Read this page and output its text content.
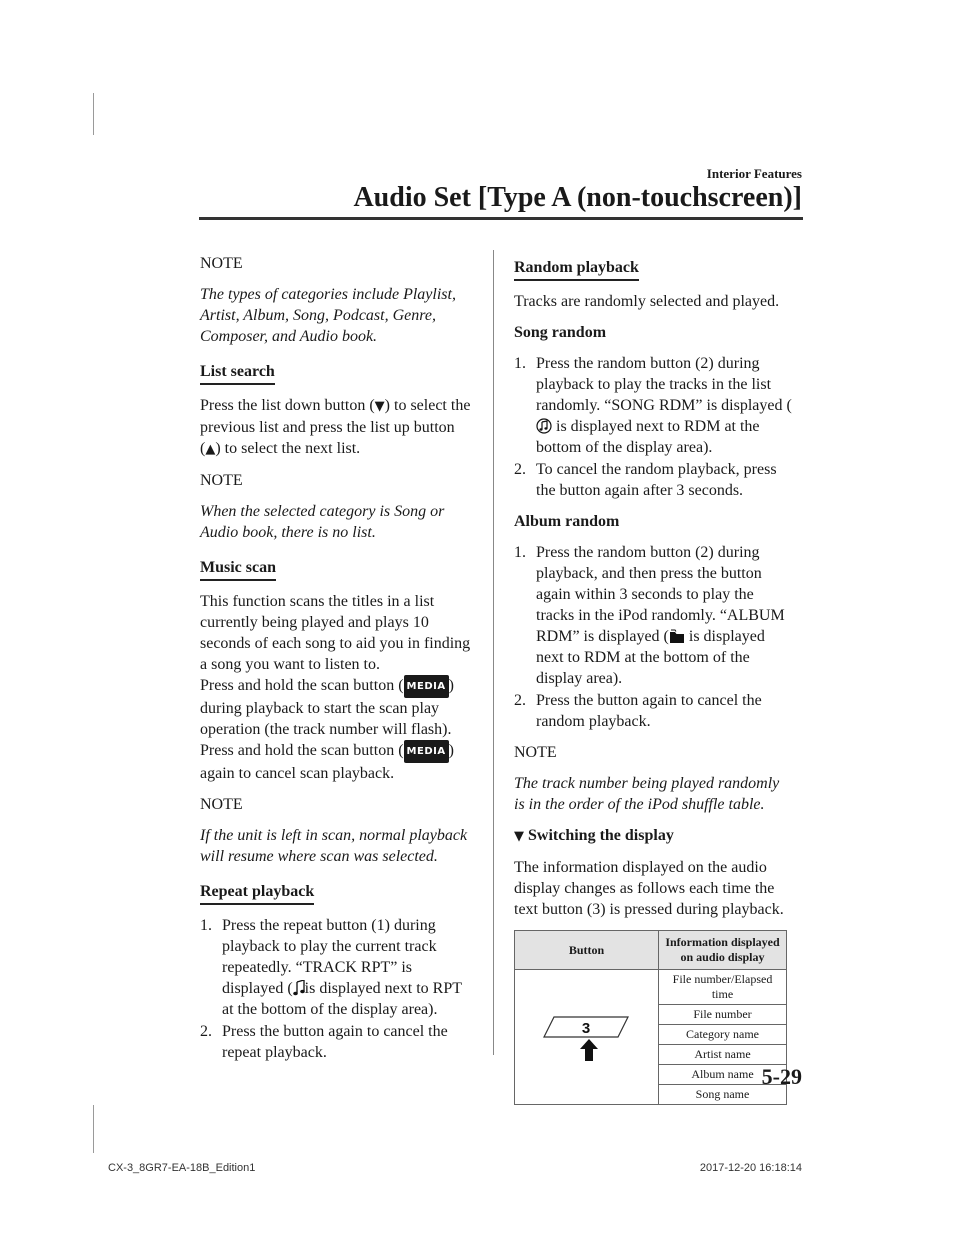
Interior Features
Audio Set [Type A (non-touchscreen)]

NOTE

The types of categories include Playlist, Artist, Album, Song, Podcast, Genre, Composer, and Audio book.

List search

Press the list down button (▼) to select the previous list and press the list up button (▲) to select the next list.

NOTE

When the selected category is Song or Audio book, there is no list.

Music scan

This function scans the titles in a list currently being played and plays 10 seconds of each song to aid you in finding a song you want to listen to.

Press and hold the scan button ( MEDIA ) during playback to start the scan play operation (the track number will flash).

Press and hold the scan button ( MEDIA ) again to cancel scan playback.

NOTE

If the unit is left in scan, normal playback will resume where scan was selected.

Repeat playback
1. Press the repeat button (1) during playback to play the current track repeatedly. “TRACK RPT” is displayed ( is displayed next to RPT at the bottom of the display area).
2. Press the button again to cancel the repeat playback.
Random playback

Tracks are randomly selected and played.

Song random

1. Press the random button (2) during playback to play the tracks in the list randomly. “SONG RDM” is displayed ( is displayed next to RDM at the bottom of the display area).
2. To cancel the random playback, press the button again after 3 seconds.

Album random

1. Press the random button (2) during playback, and then press the button again within 3 seconds to play the tracks in the iPod randomly. “ALBUM RDM” is displayed ( is displayed next to RDM at the bottom of the display area).
2. Press the button again to cancel the random playback.

NOTE

The track number being played randomly is in the order of the iPod shuffle table.

▼ Switching the display

The information displayed on the audio display changes as follows each time the text button (3) is pressed during playback.

Button	Information displayed on audio display

3	File number/Elapsed time
	File number
	Category name
	Artist name
	Album name
	Song name
5-29
CX-3_8GR7-EA-18B_Edition1	2017-12-20 16:18:14
